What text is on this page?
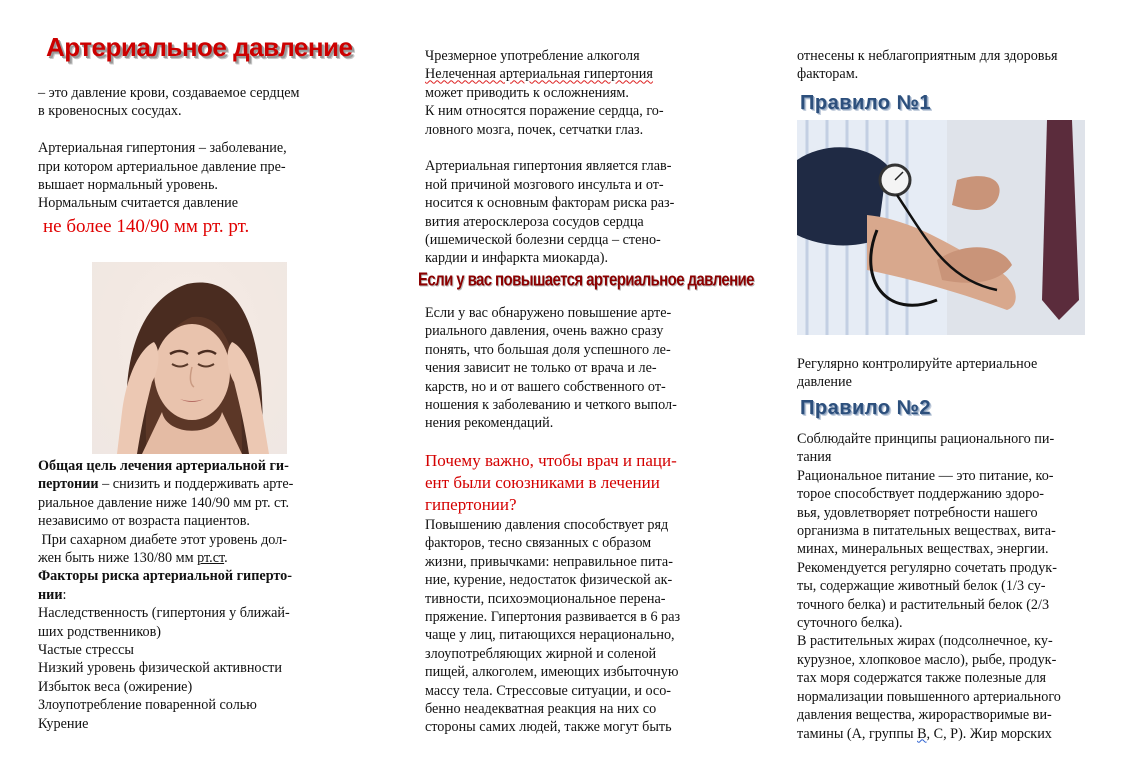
Артериальное давление
– это давление крови, создаваемое сердцем
в кровеносных сосудах.
Артериальная гипертония – заболевание,
при котором артериальное давление пре-
вышает нормальный уровень.
Нормальным считается давление
не более 140/90 мм рт. рт.
Общая цель лечения артериальной ги-
пертонии – снизить и поддерживать арте-
риальное давление ниже 140/90 мм рт. ст.
независимо от возраста пациентов.
При сахарном диабете этот уровень дол-
жен быть ниже 130/80 мм рт.ст.
Факторы риска артериальной гиперто-
нии:
Наследственность (гипертония у ближай-
ших родственников)
Частые стрессы
Низкий уровень физической активности
Избыток веса (ожирение)
Злоупотребление поваренной солью
Курение
Чрезмерное употребление алкоголя
Нелеченная артериальная гипертония
может приводить к осложнениям.
К ним относятся поражение сердца, го-
ловного мозга, почек, сетчатки глаз.
Артериальная гипертония является глав-
ной причиной мозгового инсульта и от-
носится к основным факторам риска раз-
вития атеросклероза сосудов сердца
(ишемической болезни сердца – стено-
кардии и инфаркта миокарда).
Если у вас повышается артериальное давление
Если у вас обнаружено повышение арте-
риального давления, очень важно сразу
понять, что большая доля успешного ле-
чения зависит не только от врача и ле-
карств, но и от вашего собственного от-
ношения к заболеванию и четкого выпол-
нения рекомендаций.
Почему важно, чтобы врач и паци-
ент были союзниками в лечении
гипертонии?
Повышению давления способствует ряд
факторов, тесно связанных с образом
жизни, привычками: неправильное пита-
ние, курение, недостаток физической ак-
тивности, психоэмоциональное перена-
пряжение. Гипертония развивается в 6 раз
чаще у лиц, питающихся нерационально,
злоупотребляющих жирной и соленой
пищей, алкоголем, имеющих избыточную
массу тела. Стрессовые ситуации, и осо-
бенно неадекватная реакция на них со
стороны самих людей, также могут быть
отнесены к неблагоприятным для здоровья
факторам.
Правило №1
Регулярно контролируйте артериальное
давление
Правило №2
Соблюдайте принципы рационального пи-
тания
Рациональное питание — это питание, ко-
торое способствует поддержанию здоро-
вья, удовлетворяет потребности нашего
организма в питательных веществах, вита-
минах, минеральных веществах, энергии.
Рекомендуется регулярно сочетать продук-
ты, содержащие животный белок (1/3 су-
точного белка) и растительный белок (2/3
суточного белка).
В растительных жирах (подсолнечное, ку-
курузное, хлопковое масло), рыбе, продук-
тах моря содержатся также полезные для
нормализации повышенного артериального
давления вещества, жирорастворимые ви-
тамины (А, группы В, С, Р). Жир морских
